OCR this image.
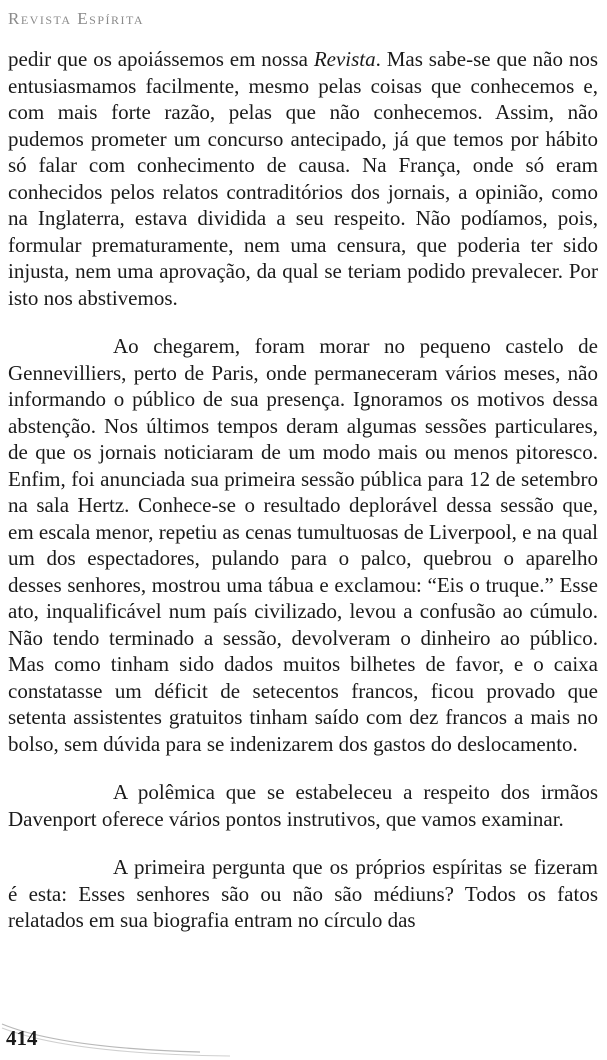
Revista Espírita

pedir que os apoiássemos em nossa Revista. Mas sabe-se que não nos entusiasmamos facilmente, mesmo pelas coisas que conhecemos e, com mais forte razão, pelas que não conhecemos. Assim, não pudemos prometer um concurso antecipado, já que temos por hábito só falar com conhecimento de causa. Na França, onde só eram conhecidos pelos relatos contraditórios dos jornais, a opinião, como na Inglaterra, estava dividida a seu respeito. Não podíamos, pois, formular prematuramente, nem uma censura, que poderia ter sido injusta, nem uma aprovação, da qual se teriam podido prevalecer. Por isto nos abstivemos.

Ao chegarem, foram morar no pequeno castelo de Gennevilliers, perto de Paris, onde permaneceram vários meses, não informando o público de sua presença. Ignoramos os motivos dessa abstenção. Nos últimos tempos deram algumas sessões particulares, de que os jornais noticiaram de um modo mais ou menos pitoresco. Enfim, foi anunciada sua primeira sessão pública para 12 de setembro na sala Hertz. Conhece-se o resultado deplorável dessa sessão que, em escala menor, repetiu as cenas tumultuosas de Liverpool, e na qual um dos espectadores, pulando para o palco, quebrou o aparelho desses senhores, mostrou uma tábua e exclamou: “Eis o truque.” Esse ato, inqualificável num país civilizado, levou a confusão ao cúmulo. Não tendo terminado a sessão, devolveram o dinheiro ao público. Mas como tinham sido dados muitos bilhetes de favor, e o caixa constatasse um déficit de setecentos francos, ficou provado que setenta assistentes gratuitos tinham saído com dez francos a mais no bolso, sem dúvida para se indenizarem dos gastos do deslocamento.

A polêmica que se estabeleceu a respeito dos irmãos Davenport oferece vários pontos instrutivos, que vamos examinar.

A primeira pergunta que os próprios espíritas se fizeram é esta: Esses senhores são ou não são médiuns? Todos os fatos relatados em sua biografia entram no círculo das

414
